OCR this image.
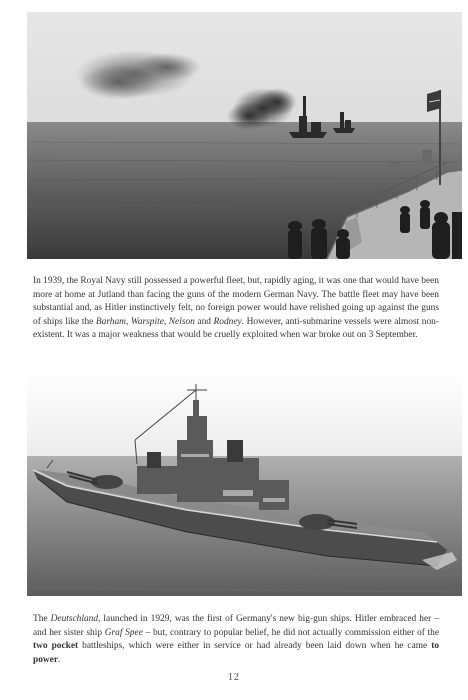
In 1939, the Royal Navy still possessed a powerful fleet, but, rapidly aging, it was one that would have been more at home at Jutland than facing the guns of the modern German Navy. The battle fleet may have been substantial and, as Hitler instinctively felt, no foreign power would have relished going up against the guns of ships like the Barham, Warspite, Nelson and Rodney. However, anti-submarine vessels were almost non-existent. It was a major weakness that would be cruelly exploited when war broke out on 3 September.

The Deutschland, launched in 1929, was the first of Germany's new big-gun ships. Hitler embraced her – and her sister ship Graf Spee – but, contrary to popular belief, he did not actually commission either of the two pocket battleships, which were either in service or had already been laid down when he came to power.

12
